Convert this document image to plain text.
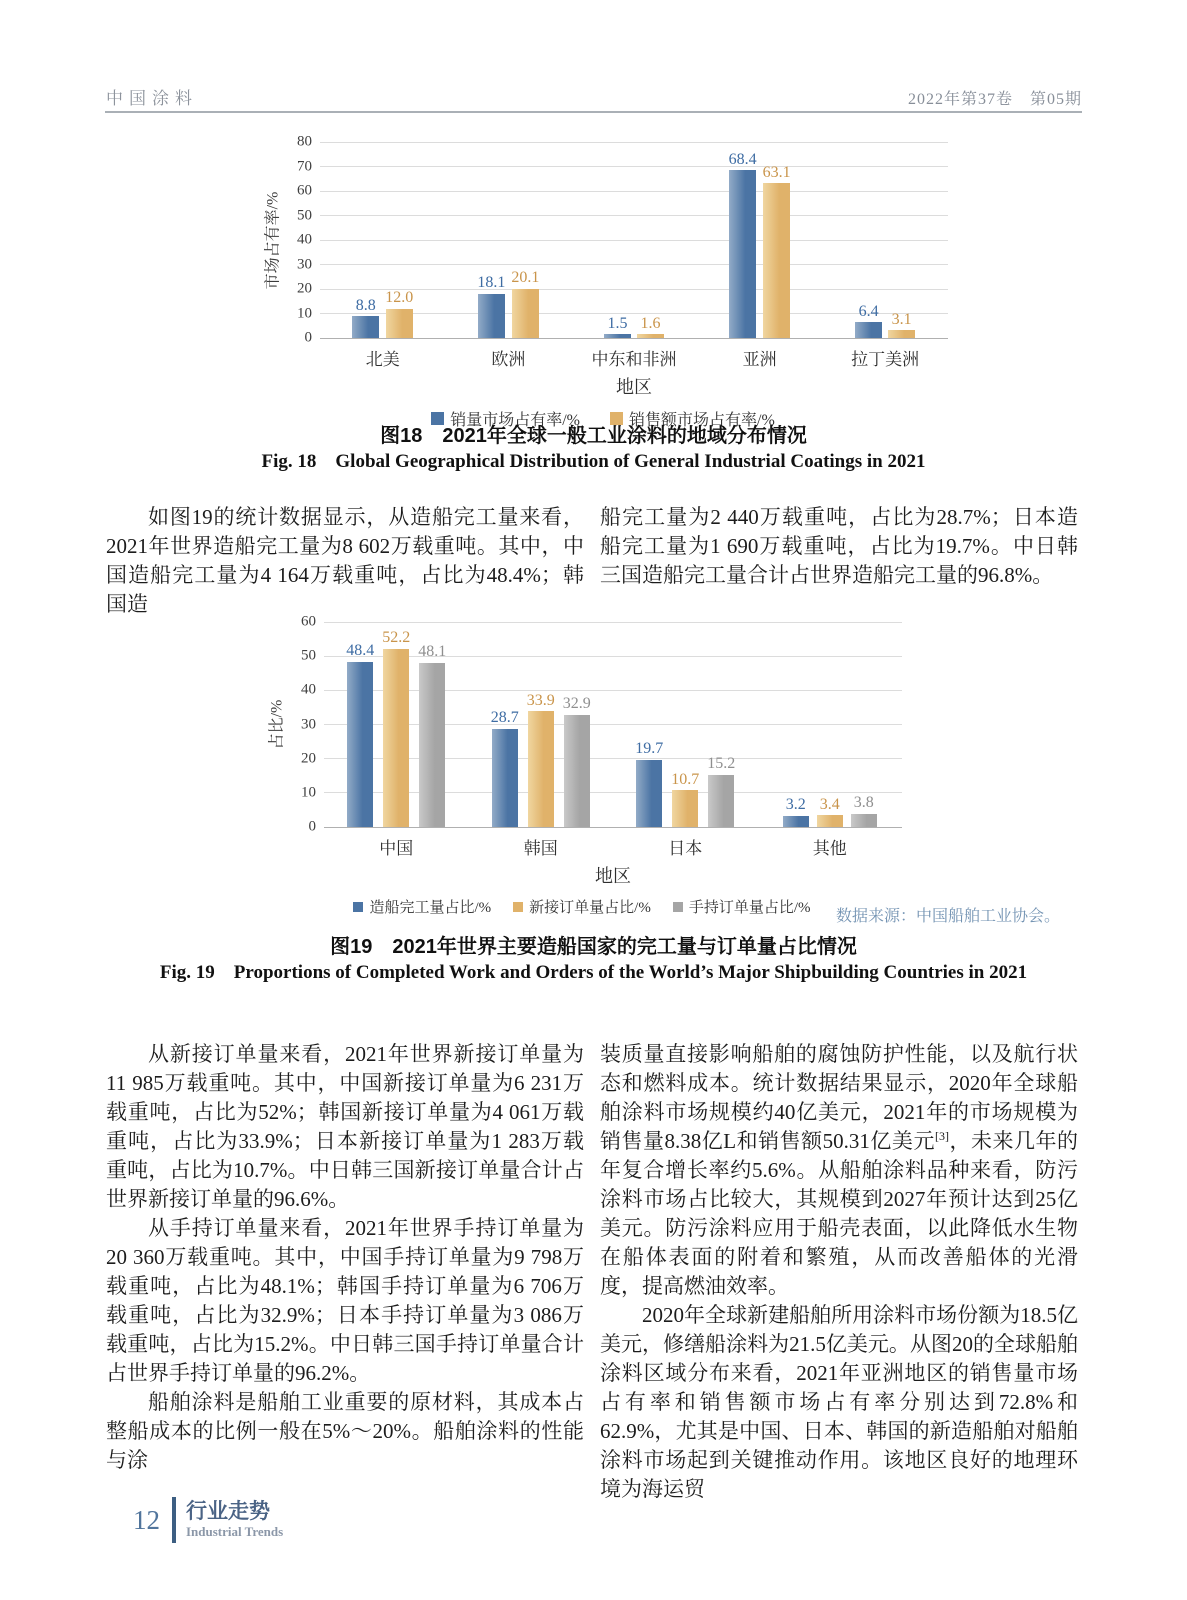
中国涂料	2022年第37卷　第05期
市场占有率/%
0
10
20
30
40
50
60
70
80
8.8 12.0
18.1 20.1
1.5 1.6
68.4
63.1
6.4 3.1
北美	欧洲	中东和非洲	亚洲	拉丁美洲
地区
销量市场占有率/%	销售额市场占有率/%
图18　2021年全球一般工业涂料的地域分布情况
Fig. 18　Global Geographical Distribution of General Industrial Coatings in 2021

如图19的统计数据显示，从造船完工量来看，2021年世界造船完工量为8 602万载重吨。其中，中国造船完工量为4 164万载重吨，占比为48.4%；韩国造

船完工量为2 440万载重吨，占比为28.7%；日本造船完工量为1 690万载重吨，占比为19.7%。中日韩三国造船完工量合计占世界造船完工量的96.8%。

占比/%
0
10
20
30
40
50
60
48.4
52.2
48.1
28.7
33.9 32.9
19.7
10.7
15.2
3.2 3.4 3.8
中国	韩国	日本	其他
地区
造船完工量占比/%	新接订单量占比/%	手持订单量占比/%	数据来源：中国船舶工业协会。
图19　2021年世界主要造船国家的完工量与订单量占比情况
Fig. 19　Proportions of Completed Work and Orders of the World’s Major Shipbuilding Countries in 2021

从新接订单量来看，2021年世界新接订单量为11 985万载重吨。其中，中国新接订单量为6 231万载重吨，占比为52%；韩国新接订单量为4 061万载重吨，占比为33.9%；日本新接订单量为1 283万载重吨，占比为10.7%。中日韩三国新接订单量合计占世界新接订单量的96.6%。

从手持订单量来看，2021年世界手持订单量为20 360万载重吨。其中，中国手持订单量为9 798万载重吨，占比为48.1%；韩国手持订单量为6 706万载重吨，占比为32.9%；日本手持订单量为3 086万载重吨，占比为15.2%。中日韩三国手持订单量合计占世界手持订单量的96.2%。

船舶涂料是船舶工业重要的原材料，其成本占整船成本的比例一般在5%～20%。船舶涂料的性能与涂

装质量直接影响船舶的腐蚀防护性能，以及航行状态和燃料成本。统计数据结果显示，2020年全球船舶涂料市场规模约40亿美元，2021年的市场规模为销售量8.38亿L和销售额50.31亿美元[3]，未来几年的年复合增长率约5.6%。从船舶涂料品种来看，防污涂料市场占比较大，其规模到2027年预计达到25亿美元。防污涂料应用于船壳表面，以此降低水生物在船体表面的附着和繁殖，从而改善船体的光滑度，提高燃油效率。

2020年全球新建船舶所用涂料市场份额为18.5亿美元，修缮船涂料为21.5亿美元。从图20的全球船舶涂料区域分布来看，2021年亚洲地区的销售量市场占有率和销售额市场占有率分别达到72.8%和62.9%，尤其是中国、日本、韩国的新造船舶对船舶涂料市场起到关键推动作用。该地区良好的地理环境为海运贸

12 行业走势
Industrial Trends
